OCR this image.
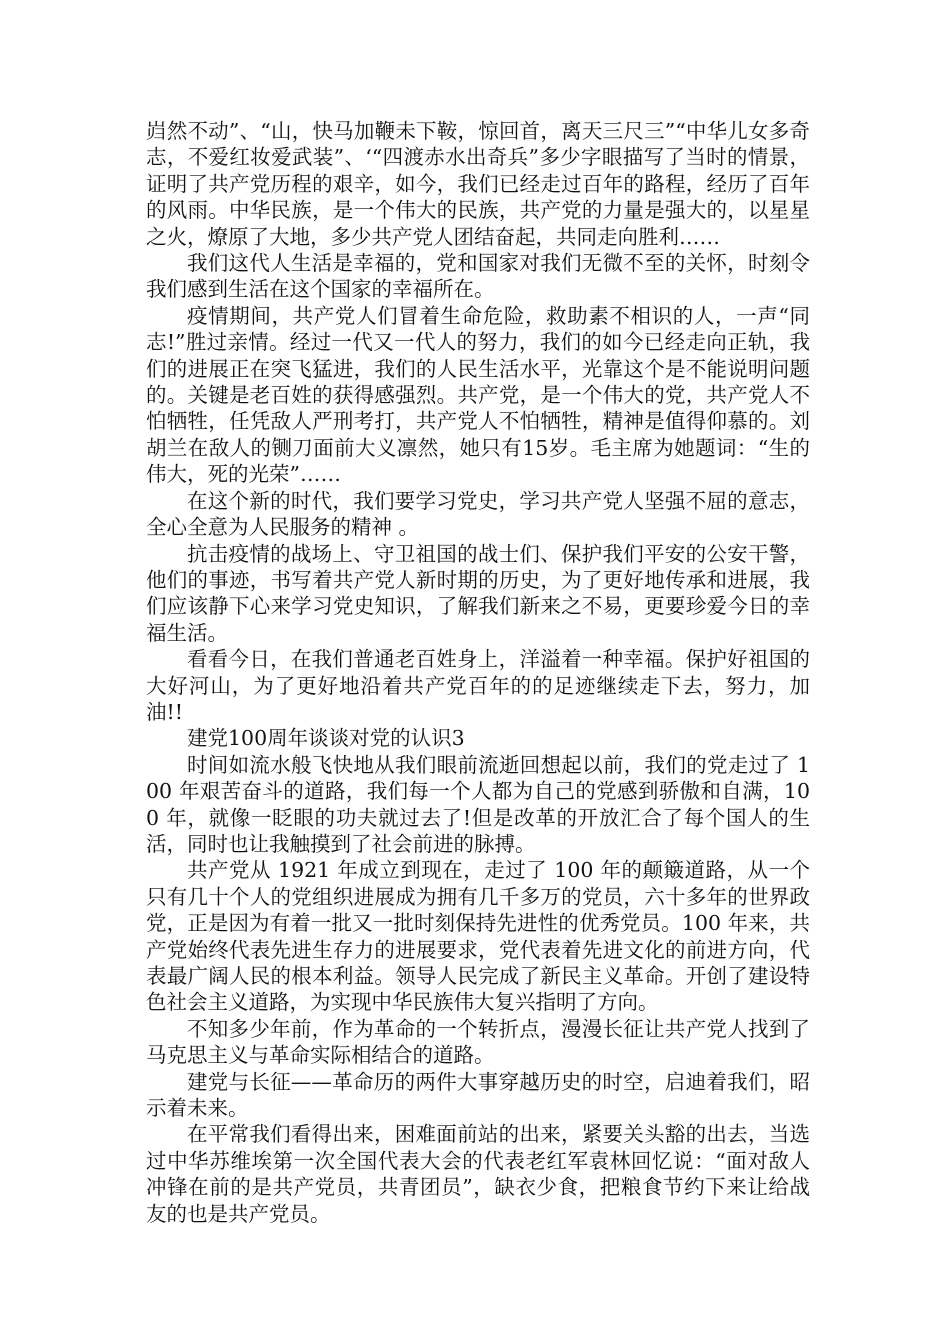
岿然不动”、“山，快马加鞭未下鞍，惊回首，离天三尺三”“中华儿女多奇志，不爱红妆爱武装”、‘“四渡赤水出奇兵”多少字眼描写了当时的情景，证明了共产党历程的艰辛，如今，我们已经走过百年的路程，经历了百年的风雨。中华民族，是一个伟大的民族，共产党的力量是强大的，以星星之火，燎原了大地，多少共产党人团结奋起，共同走向胜利……

我们这代人生活是幸福的，党和国家对我们无微不至的关怀，时刻令我们感到生活在这个国家的幸福所在。

疫情期间，共产党人们冒着生命危险，救助素不相识的人，一声“同志!”胜过亲情。经过一代又一代人的努力，我们的如今已经走向正轨，我们的进展正在突飞猛进，我们的人民生活水平，光靠这个是不能说明问题的。关键是老百姓的获得感强烈。共产党，是一个伟大的党，共产党人不怕牺牲，任凭敌人严刑考打，共产党人不怕牺牲，精神是值得仰慕的。刘胡兰在敌人的铡刀面前大义凛然，她只有15岁。毛主席为她题词：“生的伟大，死的光荣”……

在这个新的时代，我们要学习党史，学习共产党人坚强不屈的意志，全心全意为人民服务的精神 。

抗击疫情的战场上、守卫祖国的战士们、保护我们平安的公安干警，他们的事迹，书写着共产党人新时期的历史，为了更好地传承和进展，我们应该静下心来学习党史知识，了解我们新来之不易，更要珍爱今日的幸福生活。

看看今日，在我们普通老百姓身上，洋溢着一种幸福。保护好祖国的大好河山，为了更好地沿着共产党百年的的足迹继续走下去，努力，加油!!

建党100周年谈谈对党的认识3

时间如流水般飞快地从我们眼前流逝回想起以前，我们的党走过了 100 年艰苦奋斗的道路，我们每一个人都为自己的党感到骄傲和自满，100 年，就像一眨眼的功夫就过去了!但是改革的开放汇合了每个国人的生活，同时也让我触摸到了社会前进的脉搏。

共产党从 1921 年成立到现在，走过了 100 年的颠簸道路，从一个只有几十个人的党组织进展成为拥有几千多万的党员，六十多年的世界政党，正是因为有着一批又一批时刻保持先进性的优秀党员。100 年来，共产党始终代表先进生存力的进展要求，党代表着先进文化的前进方向，代表最广阔人民的根本利益。领导人民完成了新民主义革命。开创了建设特色社会主义道路，为实现中华民族伟大复兴指明了方向。

不知多少年前，作为革命的一个转折点，漫漫长征让共产党人找到了马克思主义与革命实际相结合的道路。

建党与长征——革命历的两件大事穿越历史的时空，启迪着我们，昭示着未来。

在平常我们看得出来，困难面前站的出来，紧要关头豁的出去，当选过中华苏维埃第一次全国代表大会的代表老红军袁林回忆说：“面对敌人冲锋在前的是共产党员，共青团员”，缺衣少食，把粮食节约下来让给战友的也是共产党员。
